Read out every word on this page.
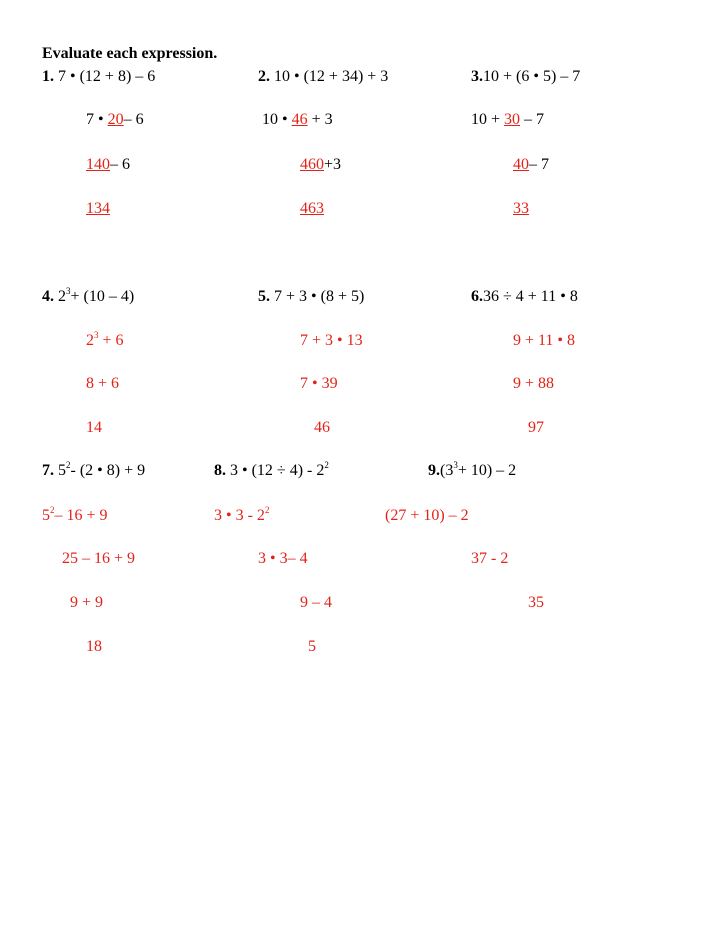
Evaluate each expression.
1. 7 • (12 + 8) – 6
7 • 20– 6
140– 6
134
2. 10 • (12 + 34) + 3
10 • 46 + 3
460+3
463
3.10 + (6 • 5) – 7
10 + 30 – 7
40– 7
33
4. $2^3+ (10 - 4)$
$2^3 + 6$
8 + 6
14
5. 7 + 3 • (8 + 5)
7 + 3 • 13
7 • 39
46
6.36 ÷ 4 + 11 • 8
9 + 11 • 8
9 + 88
97
7. $5^2-$ (2 • 8) + 9
$5^2-$ 16 + 9
25 – 16 + 9
9 + 9
18
8. 3 • $(12 \div 4) - 2^2$
3 • $3 - 2^2$
3 • 3– 4
9 – 4
5
$9.(3^3+ 10) - 2$
(27 + 10) – 2
37 - 2
35
